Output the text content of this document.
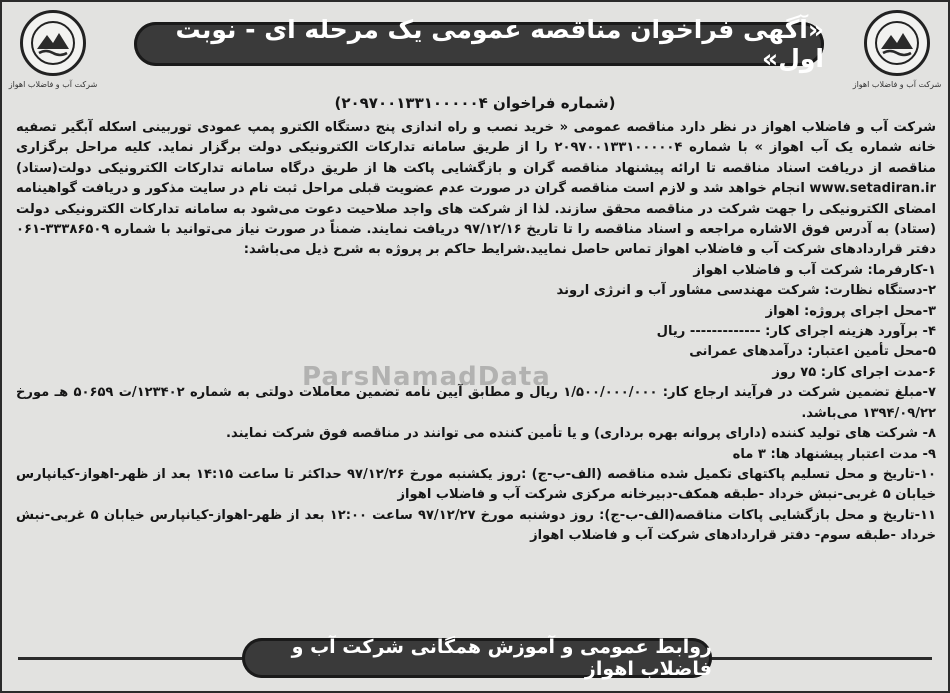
شرکت آب و فاضلاب اهواز	شرکت آب و فاضلاب اهواز
«آگهی فراخوان مناقصه عمومی یک مرحله ای - نوبت اول»
(شماره فراخوان ۲۰۹۷۰۰۱۳۳۱۰۰۰۰۰۴)

شرکت آب و فاضلاب اهواز در نظر دارد مناقصه عمومی « خرید نصب و راه اندازی پنج دستگاه الکترو پمپ عمودی توربینی اسکله آبگیر تصفیه خانه شماره یک آب اهواز » با شماره ۲۰۹۷۰۰۱۳۳۱۰۰۰۰۰۴ را از طریق سامانه تدارکات الکترونیکی دولت برگزار نماید. کلیه مراحل برگزاری مناقصه از دریافت اسناد مناقصه تا ارائه پیشنهاد مناقصه گران و بازگشایی پاکت ها از طریق درگاه سامانه تدارکات الکترونیکی دولت(ستاد) www.setadiran.ir انجام خواهد شد و لازم است مناقصه گران در صورت عدم عضویت قبلی مراحل ثبت نام در سایت مذکور و دریافت گواهینامه امضای الکترونیکی را جهت شرکت در مناقصه محقق سازند. لذا از شرکت های واجد صلاحیت دعوت می‌شود به سامانه تدارکات الکترونیکی دولت (ستاد) به آدرس فوق الاشاره مراجعه و اسناد مناقصه را تا تاریخ ۹۷/۱۲/۱۶ دریافت نمایند. ضمناً در صورت نیاز می‌توانید با شماره ۳۳۳۸۶۵۰۹-۰۶۱ دفتر قراردادهای شرکت آب و فاضلاب اهواز تماس حاصل نمایید.شرایط حاکم بر پروژه به شرح ذیل می‌باشد:

۱-کارفرما: شرکت آب و فاضلاب اهواز
۲-دستگاه نظارت: شرکت مهندسی مشاور آب و انرژی اروند
۳-محل اجرای پروژه: اهواز
۴- برآورد هزینه اجرای کار: ------------- ریال
۵-محل تأمین اعتبار: درآمدهای عمرانی
۶-مدت اجرای کار: ۷۵ روز
۷-مبلغ تضمین شرکت در فرآیند ارجاع کار: ۱/۵۰۰/۰۰۰/۰۰۰ ریال و مطابق آیین نامه تضمین معاملات دولتی به شماره ۱۲۳۴۰۲/ت ۵۰۶۵۹ هـ مورخ ۱۳۹۴/۰۹/۲۲ می‌باشد.
۸- شرکت های تولید کننده (دارای پروانه بهره برداری) و یا تأمین کننده می توانند در مناقصه فوق شرکت نمایند.
۹- مدت اعتبار پیشنهاد ها: ۳ ماه
۱۰-تاریخ و محل تسلیم پاکتهای تکمیل شده مناقصه (الف-ب-ج) :روز یکشنبه مورخ ۹۷/۱۲/۲۶ حداکثر تا ساعت ۱۴:۱۵ بعد از ظهر-اهواز-کیانپارس خیابان ۵ غربی-نبش خرداد -طبقه همکف-دبیرخانه مرکزی شرکت آب و فاضلاب اهواز
۱۱-تاریخ و محل بازگشایی پاکات مناقصه(الف-ب-ج): روز دوشنبه مورخ ۹۷/۱۲/۲۷ ساعت ۱۲:۰۰ بعد از ظهر-اهواز-کیانپارس خیابان ۵ غربی-نبش خرداد -طبقه سوم- دفتر قراردادهای شرکت آب و فاضلاب اهواز
ParsNamadData
روابط عمومی و آموزش همگانی شرکت آب و فاضلاب اهواز
